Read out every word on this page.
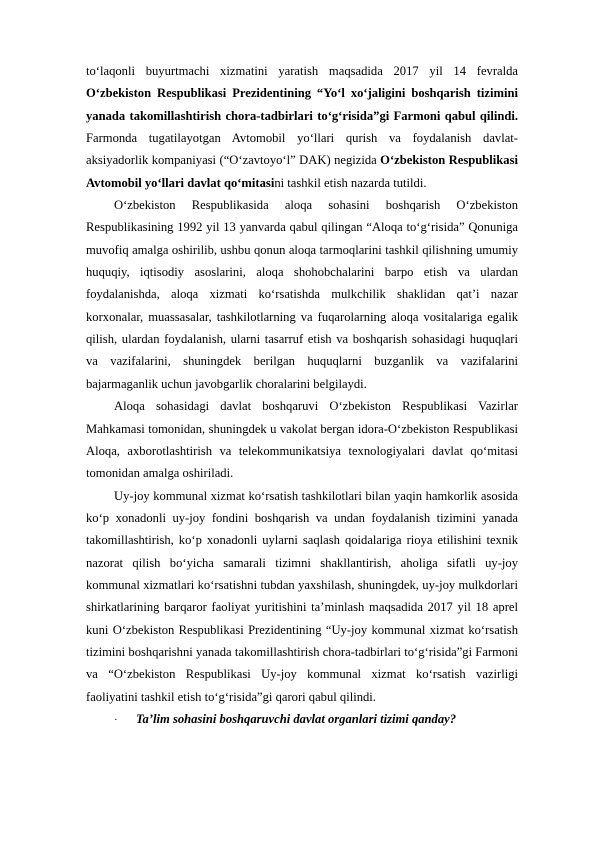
to‘laqonli buyurtmachi xizmatini yaratish maqsadida 2017 yil 14 fevralda O‘zbekiston Respublikasi Prezidentining “Yo‘l xo‘jaligini boshqarish tizimini yanada takomillashtirish chora-tadbirlari to‘g‘risida”gi Farmoni qabul qilindi. Farmonda tugatilayotgan Avtomobil yo‘llari qurish va foydalanish davlat-aksiyadorlik kompaniyasi (“O‘zavtoyo‘l” DAK) negizida O‘zbekiston Respublikasi Avtomobil yo‘llari davlat qo‘mitasini tashkil etish nazarda tutildi.

O‘zbekiston Respublikasida aloqa sohasini boshqarish O‘zbekiston Respublikasining 1992 yil 13 yanvarda qabul qilingan “Aloqa to‘g‘risida” Qonuniga muvofiq amalga oshirilib, ushbu qonun aloqa tarmoqlarini tashkil qilishning umumiy huquqiy, iqtisodiy asoslarini, aloqa shohobchalarini barpo etish va ulardan foydalanishda, aloqa xizmati ko‘rsatishda mulkchilik shaklidan qat’i nazar korxonalar, muassasalar, tashkilotlarning va fuqarolarning aloqa vositalariga egalik qilish, ulardan foydalanish, ularni tasarruf etish va boshqarish sohasidagi huquqlari va vazifalarini, shuningdek berilgan huquqlarni buzganlik va vazifalarini bajarmaganlik uchun javobgarlik choralarini belgilaydi.

Aloqa sohasidagi davlat boshqaruvi O‘zbekiston Respublikasi Vazirlar Mahkamasi tomonidan, shuningdek u vakolat bergan idora-O‘zbekiston Respublikasi Aloqa, axborotlashtirish va telekommunikatsiya texnologiyalari davlat qo‘mitasi tomonidan amalga oshiriladi.

Uy-joy kommunal xizmat ko‘rsatish tashkilotlari bilan yaqin hamkorlik asosida ko‘p xonadonli uy-joy fondini boshqarish va undan foydalanish tizimini yanada takomillashtirish, ko‘p xonadonli uylarni saqlash qoidalariga rioya etilishini texnik nazorat qilish bo‘yicha samarali tizimni shakllantirish, aholiga sifatli uy-joy kommunal xizmatlari ko‘rsatishni tubdan yaxshilash, shuningdek, uy-joy mulkdorlari shirkatlarining barqaror faoliyat yuritishini ta’minlash maqsadida 2017 yil 18 aprel kuni O‘zbekiston Respublikasi Prezidentining “Uy-joy kommunal xizmat ko‘rsatish tizimini boshqarishni yanada takomillashtirish chora-tadbirlari to‘g‘risida”gi Farmoni va “O‘zbekiston Respublikasi Uy-joy kommunal xizmat ko‘rsatish vazirligi faoliyatini tashkil etish to‘g‘risida”gi qarori qabul qilindi.

·	Ta’lim sohasini boshqaruvchi davlat organlari tizimi qanday?
